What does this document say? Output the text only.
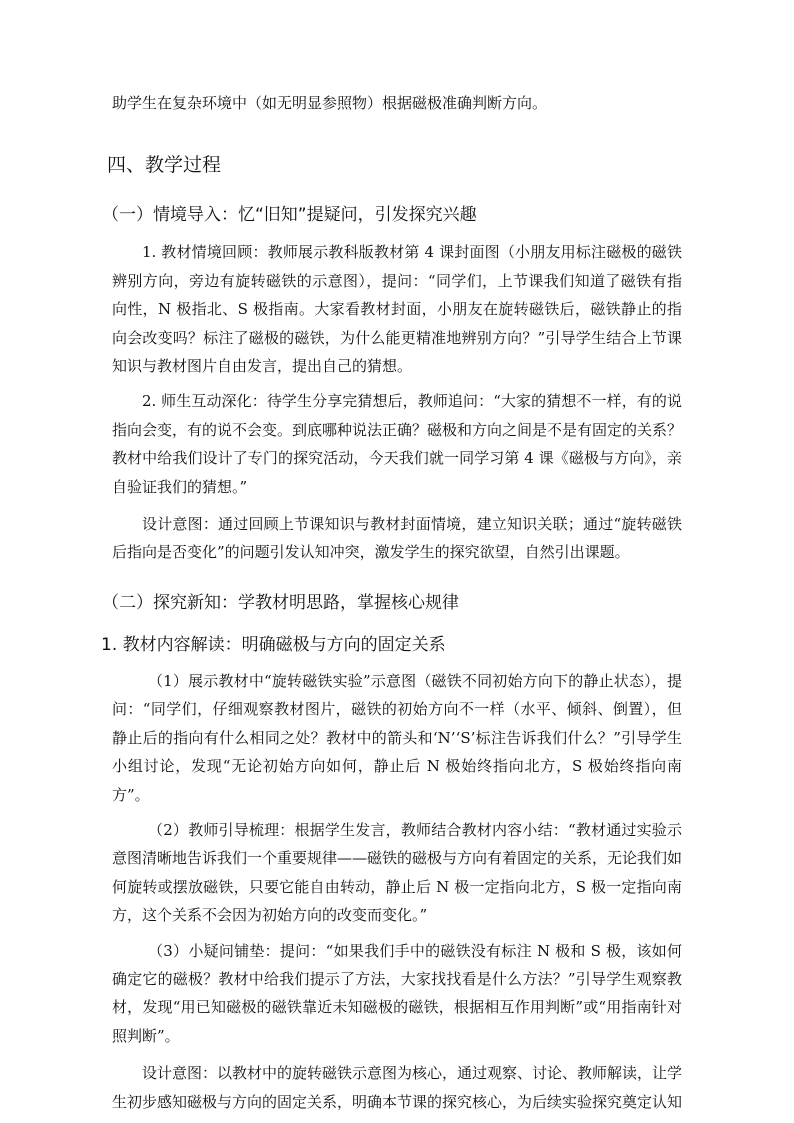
助学生在复杂环境中（如无明显参照物）根据磁极准确判断方向。

四、教学过程
（一）情境导入：忆“旧知”提疑问，引发探究兴趣

1. 教材情境回顾：教师展示教科版教材第 4 课封面图（小朋友用标注磁极的磁铁辨别方向，旁边有旋转磁铁的示意图），提问：“同学们，上节课我们知道了磁铁有指向性，N 极指北、S 极指南。大家看教材封面，小朋友在旋转磁铁后，磁铁静止的指向会改变吗？标注了磁极的磁铁，为什么能更精准地辨别方向？”引导学生结合上节课知识与教材图片自由发言，提出自己的猜想。

2. 师生互动深化：待学生分享完猜想后，教师追问：“大家的猜想不一样，有的说指向会变，有的说不会变。到底哪种说法正确？磁极和方向之间是不是有固定的关系？教材中给我们设计了专门的探究活动，今天我们就一同学习第 4 课《磁极与方向》，亲自验证我们的猜想。”

设计意图：通过回顾上节课知识与教材封面情境，建立知识关联；通过“旋转磁铁后指向是否变化”的问题引发认知冲突，激发学生的探究欲望，自然引出课题。

（二）探究新知：学教材明思路，掌握核心规律
1. 教材内容解读：明确磁极与方向的固定关系

（1）展示教材中“旋转磁铁实验”示意图（磁铁不同初始方向下的静止状态），提问：“同学们，仔细观察教材图片，磁铁的初始方向不一样（水平、倾斜、倒置），但静止后的指向有什么相同之处？教材中的箭头和‘N’‘S’标注告诉我们什么？”引导学生小组讨论，发现“无论初始方向如何，静止后 N 极始终指向北方，S 极始终指向南方”。

（2）教师引导梳理：根据学生发言，教师结合教材内容小结：“教材通过实验示意图清晰地告诉我们一个重要规律——磁铁的磁极与方向有着固定的关系，无论我们如何旋转或摆放磁铁，只要它能自由转动，静止后 N 极一定指向北方，S 极一定指向南方，这个关系不会因为初始方向的改变而变化。”

（3）小疑问铺垫：提问：“如果我们手中的磁铁没有标注 N 极和 S 极，该如何确定它的磁极？教材中给我们提示了方法，大家找找看是什么方法？”引导学生观察教材，发现“用已知磁极的磁铁靠近未知磁极的磁铁，根据相互作用判断”或“用指南针对照判断”。

设计意图：以教材中的旋转磁铁示意图为核心，通过观察、讨论、教师解读，让学生初步感知磁极与方向的固定关系，明确本节课的探究核心，为后续实验探究奠定认知
